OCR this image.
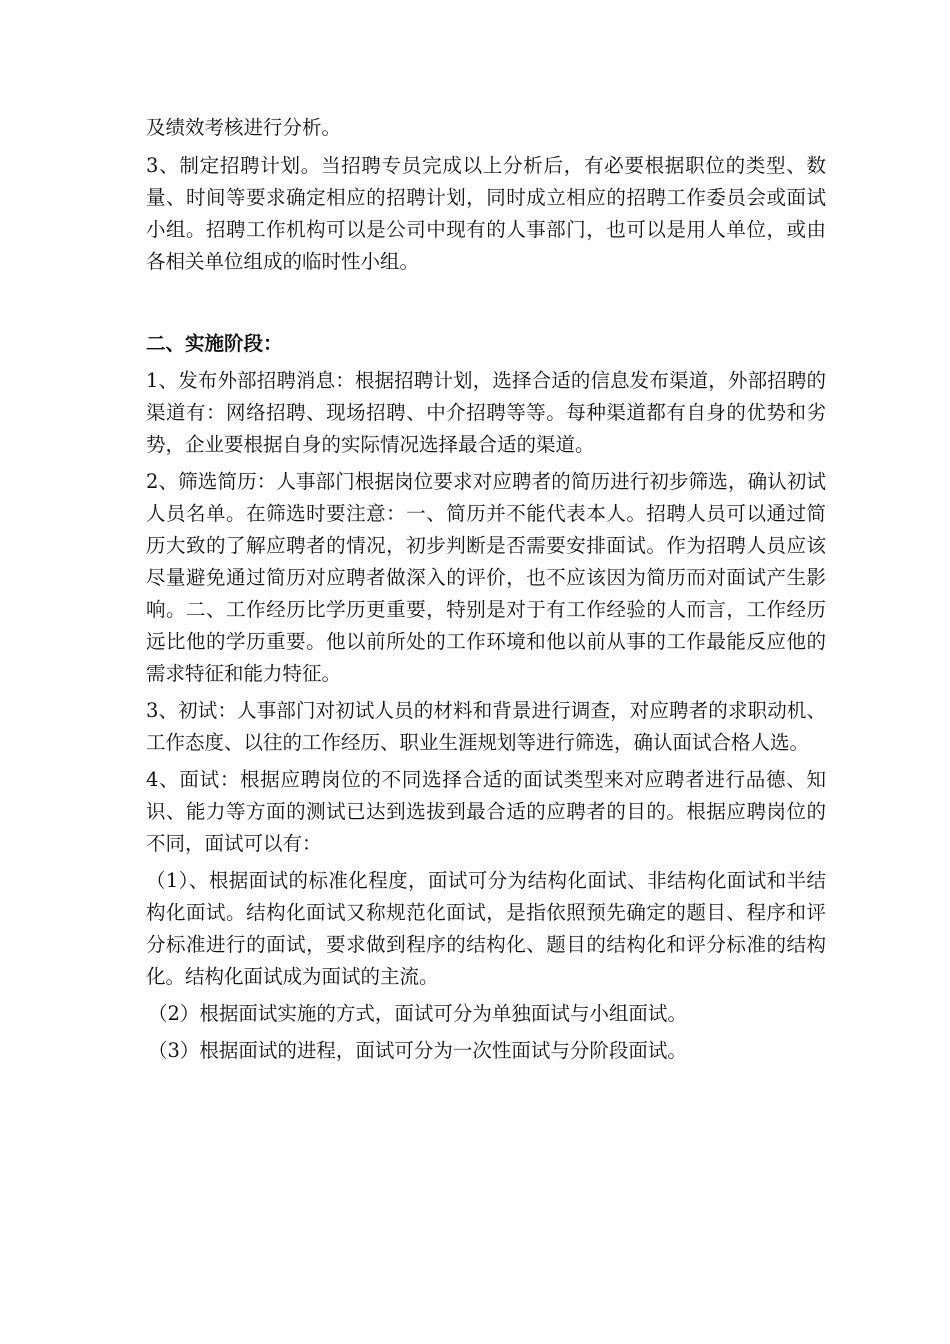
及绩效考核进行分析。

3、制定招聘计划。当招聘专员完成以上分析后，有必要根据职位的类型、数量、时间等要求确定相应的招聘计划，同时成立相应的招聘工作委员会或面试小组。招聘工作机构可以是公司中现有的人事部门，也可以是用人单位，或由各相关单位组成的临时性小组。

二、实施阶段：

1、发布外部招聘消息：根据招聘计划，选择合适的信息发布渠道，外部招聘的渠道有：网络招聘、现场招聘、中介招聘等等。每种渠道都有自身的优势和劣势，企业要根据自身的实际情况选择最合适的渠道。

2、筛选简历：人事部门根据岗位要求对应聘者的简历进行初步筛选，确认初试人员名单。在筛选时要注意：一、简历并不能代表本人。招聘人员可以通过简历大致的了解应聘者的情况，初步判断是否需要安排面试。作为招聘人员应该尽量避免通过简历对应聘者做深入的评价，也不应该因为简历而对面试产生影响。二、工作经历比学历更重要，特别是对于有工作经验的人而言，工作经历远比他的学历重要。他以前所处的工作环境和他以前从事的工作最能反应他的需求特征和能力特征。

3、初试：人事部门对初试人员的材料和背景进行调查，对应聘者的求职动机、工作态度、以往的工作经历、职业生涯规划等进行筛选，确认面试合格人选。

4、面试：根据应聘岗位的不同选择合适的面试类型来对应聘者进行品德、知识、能力等方面的测试已达到选拔到最合适的应聘者的目的。根据应聘岗位的不同，面试可以有：

（1）、根据面试的标准化程度，面试可分为结构化面试、非结构化面试和半结构化面试。结构化面试又称规范化面试，是指依照预先确定的题目、程序和评分标准进行的面试，要求做到程序的结构化、题目的结构化和评分标准的结构化。结构化面试成为面试的主流。

（2）根据面试实施的方式，面试可分为单独面试与小组面试。

（3）根据面试的进程，面试可分为一次性面试与分阶段面试。
